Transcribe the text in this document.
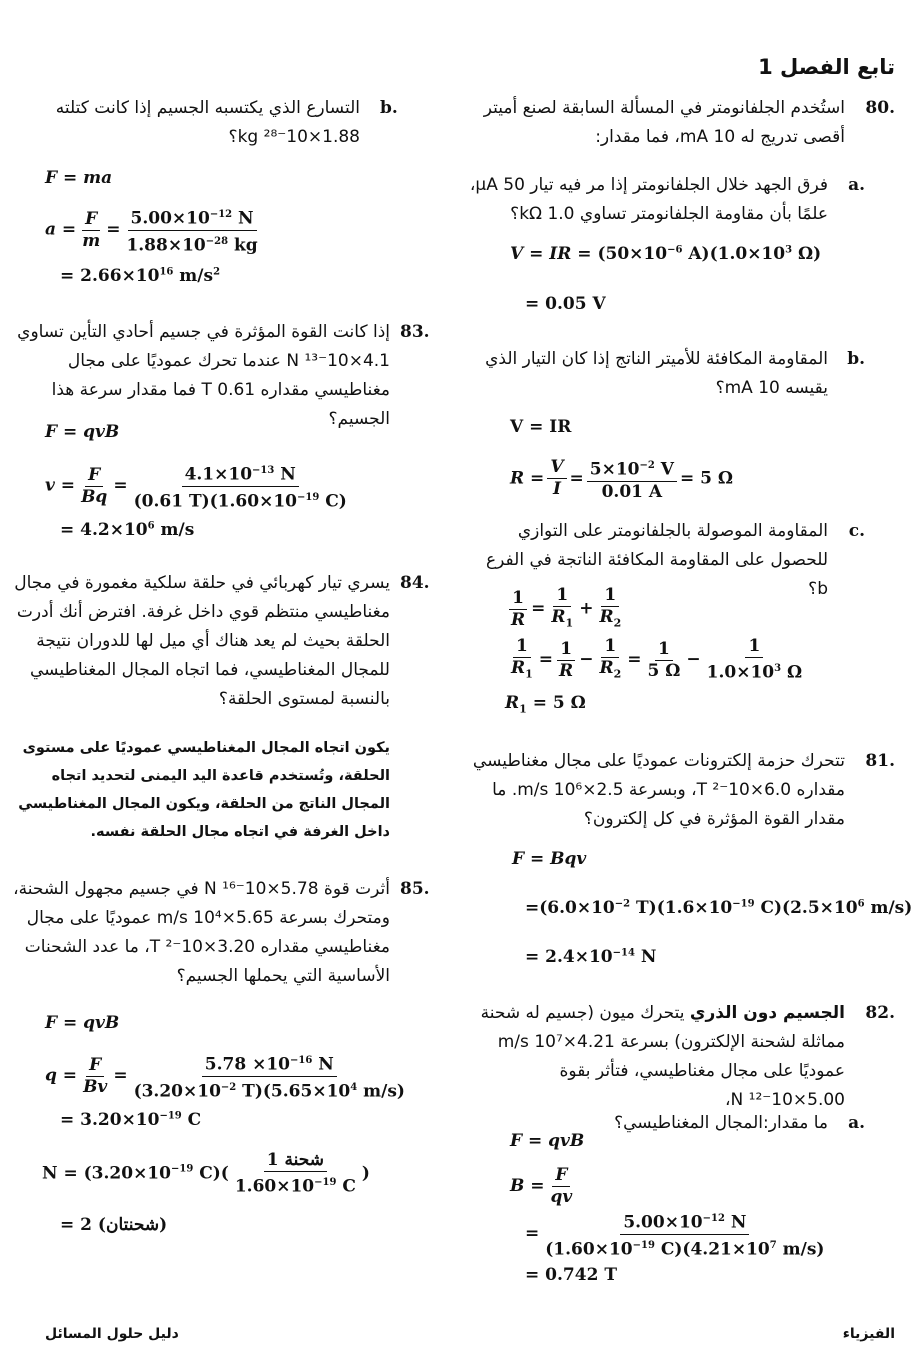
تابع الفصل 1
80.
استُخدم الجلفانومتر في المسألة السابقة لصنع أميتر أقصى تدريج له 10 mA، فما مقدار:
a.
فرق الجهد خلال الجلفانومتر إذا مر فيه تيار 50 µA، علمًا بأن مقاومة الجلفانومتر تساوي 1.0 kΩ؟
V = IR = ($50\times 10^{-6}$ $A)(1.0\times 10^3$ Ω)
= 0.05 V
b.
المقاومة المكافئة للأميتر الناتج إذا كان التيار الذي يقيسه 10 mA؟
V = IR
$R = \frac{V}{I} = \frac{5\times 10^{-2} V}{0.01 A} = 5$ Ω
c.
المقاومة الموصولة بالجلفانومتر على التوازي للحصول على المقاومة المكافئة الناتجة في الفرع b؟
$\frac{1}{R} = \frac{1}{R_1} + \frac{1}{R_2}$
$\frac{1}{R_1} = \frac{1}{R} - \frac{1}{R_2} = \frac{1}{5 \Omega} - \frac{1}{1.0\times 10^3 \Omega}$
$R_1 = 5$ Ω
81.
تتحرك حزمة إلكترونات عموديًا على مجال مغناطيسي مقداره 6.0×10⁻² T، وبسرعة 2.5×10⁶ m/s. ما مقدار القوة المؤثرة في كل إلكترون؟
F = Bqv
$=(6.0\times 10^{-2}$ $T)(1.6\times 10^{-19}$ $C)(2.5\times 10^6$ m/s)
= $2.4\times 10^{-14}$ N
82.
الجسيم دون الذري يتحرك ميون (جسيم له شحنة مماثلة لشحنة الإلكترون) بسرعة 4.21×10⁷ m/s عموديًا على مجال مغناطيسي، فتأثر بقوة 5.00×10⁻¹² N،
a.
ما مقدار:المجال المغناطيسي؟
F = qvB
$B = \frac{F}{qv}$
= $\frac{5.00\times 10^{-12} N}{(1.60\times 10^{-19} C)(4.21\times 10^7 m/s)}$
= 0.742 T
b.
التسارع الذي يكتسبه الجسيم إذا كانت كتلته 1.88×10⁻²⁸ kg؟
F = ma
$a = \frac{F}{m} = \frac{5.00\times 10^{-12} N}{1.88\times 10^{-28} kg}$
= $2.66\times 10^{16}$ $m/s^2$
83.
إذا كانت القوة المؤثرة في جسيم أحادي التأين تساوي 4.1×10⁻¹³ N عندما تحرك عموديًا على مجال مغناطيسي مقداره 0.61 T فما مقدار سرعة هذا الجسيم؟
F = qvB
$v = \frac{F}{Bq} = \frac{4.1\times 10^{-13} N}{(0.61 T)(1.60\times 10^{-19} C)}$
= $4.2\times 10^6$ m/s
84.
يسري تيار كهربائي في حلقة سلكية مغمورة في مجال مغناطيسي منتظم قوي داخل غرفة. افترض أنك أدرت الحلقة بحيث لم يعد هناك أي ميل لها للدوران نتيجة للمجال المغناطيسي، فما اتجاه المجال المغناطيسي بالنسبة لمستوى الحلقة؟
يكون اتجاه المجال المغناطيسي عموديًا على مستوى الحلقة، وتُستخدم قاعدة اليد اليمنى لتحديد اتجاه المجال الناتج من الحلقة، ويكون المجال المغناطيسي داخل الغرفة في اتجاه مجال الحلقة نفسه.
85.
أثرت قوة 5.78×10⁻¹⁶ N في جسيم مجهول الشحنة، ومتحرك بسرعة 5.65×10⁴ m/s عموديًا على مجال مغناطيسي مقداره 3.20×10⁻² T، ما عدد الشحنات الأساسية التي يحملها الجسيم؟
F = qvB
$q = \frac{F}{Bv} = \frac{5.78 \times 10^{-16} N}{(3.20\times 10^{-2} T)(5.65\times 10^4 m/s)}$
= $3.20\times 10^{-19}$ C
$N = (3.20\times 10^{-19}$ $C)( \frac{\text{1 شحنة}}{1.60\times 10^{-19} C}$ )
= 2 (شحنتان)
دليل حلول المسائل	الفيزياء
